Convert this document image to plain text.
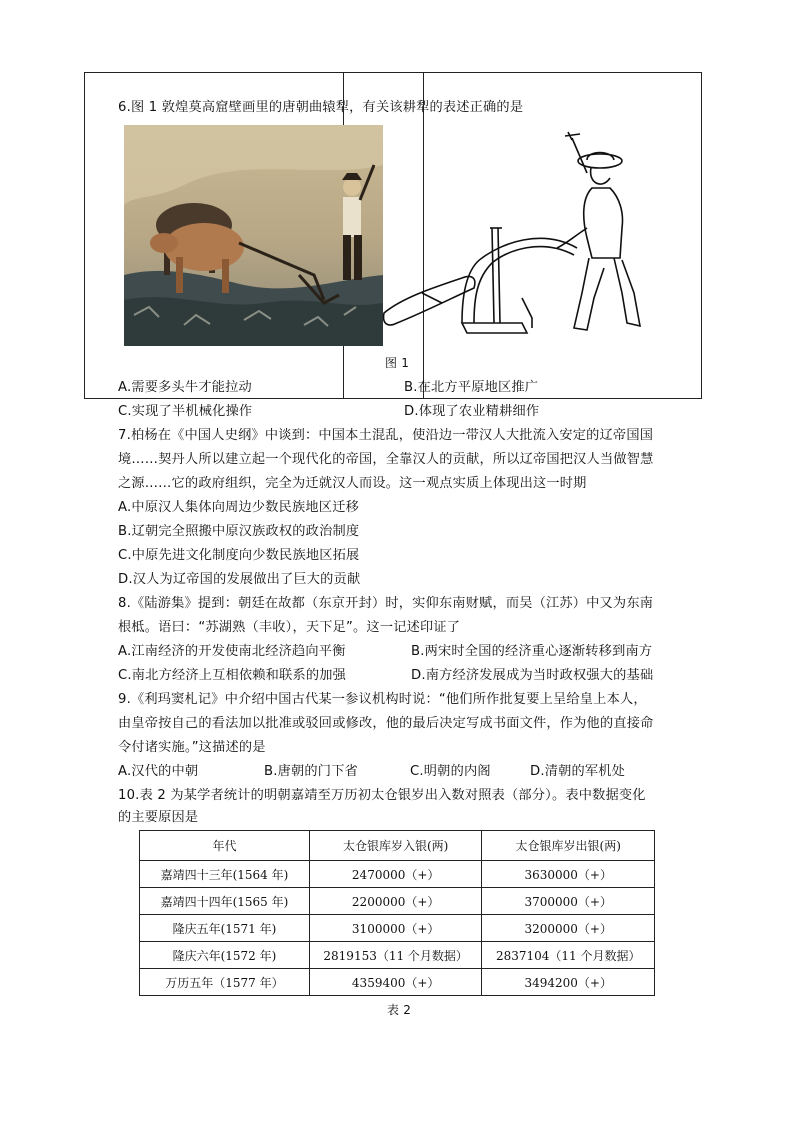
6.图 1 敦煌莫高窟壁画里的唐朝曲辕犁，有关该耕犁的表述正确的是
图 1
A.需要多头牛才能拉动	B.在北方平原地区推广
C.实现了半机械化操作	D.体现了农业精耕细作
7.柏杨在《中国人史纲》中谈到：中国本土混乱，使沿边一带汉人大批流入安定的辽帝国国
境……契丹人所以建立起一个现代化的帝国，全靠汉人的贡献，所以辽帝国把汉人当做智慧
之源……它的政府组织，完全为迁就汉人而设。这一观点实质上体现出这一时期
A.中原汉人集体向周边少数民族地区迁移
B.辽朝完全照搬中原汉族政权的政治制度
C.中原先进文化制度向少数民族地区拓展
D.汉人为辽帝国的发展做出了巨大的贡献
8.《陆游集》提到：朝廷在故都（东京开封）时，实仰东南财赋，而吴（江苏）中又为东南
根柢。语曰：“苏湖熟（丰收），天下足”。这一记述印证了
A.江南经济的开发使南北经济趋向平衡	B.两宋时全国的经济重心逐渐转移到南方
C.南北方经济上互相依赖和联系的加强	D.南方经济发展成为当时政权强大的基础
9.《利玛窦札记》中介绍中国古代某一参议机构时说：“他们所作批复要上呈给皇上本人，
由皇帝按自己的看法加以批准或驳回或修改，他的最后决定写成书面文件，作为他的直接命
令付诸实施。”这描述的是
A.汉代的中朝	B.唐朝的门下省	C.明朝的内阁	D.清朝的军机处
10.表 2 为某学者统计的明朝嘉靖至万历初太仓银岁出入数对照表（部分）。表中数据变化
的主要原因是
年代	太仓银库岁入银(两)	太仓银库岁出银(两)
嘉靖四十三年(1564 年)	2470000（+）	3630000（+）
嘉靖四十四年(1565 年)	2200000（+）	3700000（+）
隆庆五年(1571 年)	3100000（+）	3200000（+）
隆庆六年(1572 年)	2819153（11 个月数据）	2837104（11 个月数据）
万历五年（1577 年）	4359400（+）	3494200（+）
表 2
